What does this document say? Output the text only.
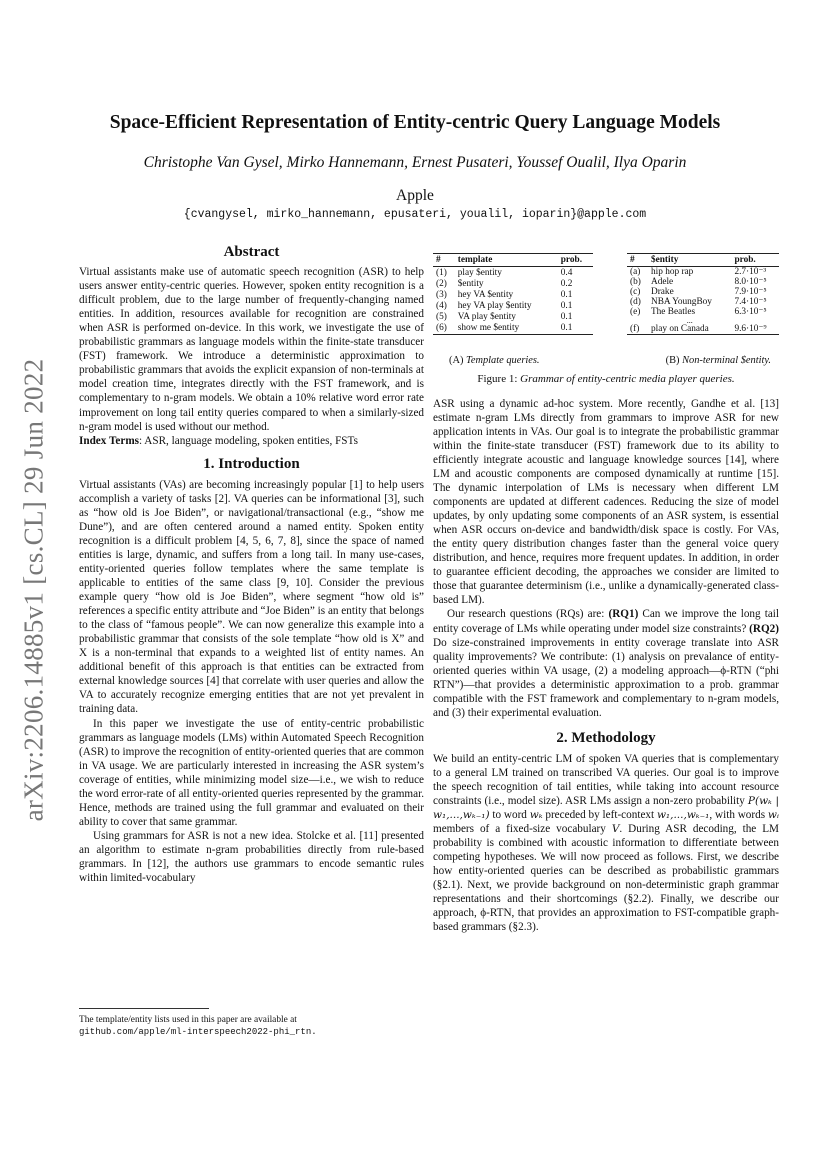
arXiv:2206.14885v1 [cs.CL] 29 Jun 2022
Space-Efficient Representation of Entity-centric Query Language Models
Christophe Van Gysel, Mirko Hannemann, Ernest Pusateri, Youssef Oualil, Ilya Oparin
Apple
{cvangysel, mirko_hannemann, epusateri, youalil, ioparin}@apple.com
Abstract

Virtual assistants make use of automatic speech recognition (ASR) to help users answer entity-centric queries. However, spoken entity recognition is a difficult problem, due to the large number of frequently-changing named entities. In addition, resources available for recognition are constrained when ASR is performed on-device. In this work, we investigate the use of probabilistic grammars as language models within the finite-state transducer (FST) framework. We introduce a deterministic approximation to probabilistic grammars that avoids the explicit expansion of non-terminals at model creation time, integrates directly with the FST framework, and is complementary to n-gram models. We obtain a 10% relative word error rate improvement on long tail entity queries compared to when a similarly-sized n-gram model is used without our method.

Index Terms: ASR, language modeling, spoken entities, FSTs

1. Introduction

Virtual assistants (VAs) are becoming increasingly popular [1] to help users accomplish a variety of tasks [2]. VA queries can be informational [3], such as “how old is Joe Biden”, or navigational/transactional (e.g., “show me Dune”), and are often centered around a named entity. Spoken entity recognition is a difficult problem [4, 5, 6, 7, 8], since the space of named entities is large, dynamic, and suffers from a long tail. In many use-cases, entity-oriented queries follow templates where the same template is applicable to entities of the same class [9, 10]. Consider the previous example query “how old is Joe Biden”, where segment “how old is” references a specific entity attribute and “Joe Biden” is an entity that belongs to the class of “famous people”. We can now generalize this example into a probabilistic grammar that consists of the sole template “how old is X” and X is a non-terminal that expands to a weighted list of entity names. An additional benefit of this approach is that entities can be extracted from external knowledge sources [4] that correlate with user queries and allow the VA to accurately recognize emerging entities that are not yet prevalent in training data.

In this paper we investigate the use of entity-centric probabilistic grammars as language models (LMs) within Automated Speech Recognition (ASR) to improve the recognition of entity-oriented queries that are common in VA usage. We are particularly interested in increasing the ASR system’s coverage of entities, while minimizing model size—i.e., we wish to reduce the word error-rate of all entity-oriented queries represented by the grammar. Hence, methods are trained using the full grammar and evaluated on their ability to cover that same grammar.

Using grammars for ASR is not a new idea. Stolcke et al. [11] presented an algorithm to estimate n-gram probabilities directly from rule-based grammars. In [12], the authors use grammars to encode semantic rules within limited-vocabulary

The template/entity lists used in this paper are available at
github.com/apple/ml-interspeech2022-phi_rtn.
#	template	prob.
(1)	play $entity	0.4
(2)	$entity	0.2
(3)	hey VA $entity	0.1
(4)	hey VA play $entity	0.1
(5)	VA play $entity	0.1
(6)	show me $entity	0.1
#	$entity	prob.
(a)	hip hop rap	2.7·10⁻³
(b)	Adele	8.0·10⁻⁵
(c)	Drake	7.9·10⁻⁵
(d)	NBA YoungBoy	7.4·10⁻⁵
(e)	The Beatles	6.3·10⁻⁵
	...	
(f)	play on Canada	9.6·10⁻⁹
(A) Template queries.	(B) Non-terminal $entity.
Figure 1: Grammar of entity-centric media player queries.

ASR using a dynamic ad-hoc system. More recently, Gandhe et al. [13] estimate n-gram LMs directly from grammars to improve ASR for new application intents in VAs. Our goal is to integrate the probabilistic grammar within the finite-state transducer (FST) framework due to its ability to efficiently integrate acoustic and language knowledge sources [14], where LM and acoustic components are composed dynamically at runtime [15]. The dynamic interpolation of LMs is necessary when different LM components are updated at different cadences. Reducing the size of model updates, by only updating some components of an ASR system, is essential when ASR occurs on-device and bandwidth/disk space is costly. For VAs, the entity query distribution changes faster than the general voice query distribution, and hence, requires more frequent updates. In addition, in order to guarantee efficient decoding, the approaches we consider are limited to those that guarantee determinism (i.e., unlike a dynamically-generated class-based LM).

Our research questions (RQs) are: (RQ1) Can we improve the long tail entity coverage of LMs while operating under model size constraints? (RQ2) Do size-constrained improvements in entity coverage translate into ASR quality improvements? We contribute: (1) analysis on prevalance of entity-oriented queries within VA usage, (2) a modeling approach—ϕ-RTN (“phi RTN”)—that provides a deterministic approximation to a prob. grammar compatible with the FST framework and complementary to n-gram models, and (3) their experimental evaluation.

2. Methodology

We build an entity-centric LM of spoken VA queries that is complementary to a general LM trained on transcribed VA queries. Our goal is to improve the speech recognition of tail entities, while taking into account resource constraints (i.e., model size). ASR LMs assign a non-zero probability P(wₖ | w₁,...,wₖ₋₁) to word wₖ preceded by left-context w₁,...,wₖ₋₁, with words wᵢ members of a fixed-size vocabulary V. During ASR decoding, the LM probability is combined with acoustic information to differentiate between competing hypotheses. We will now proceed as follows. First, we describe how entity-oriented queries can be described as probabilistic grammars (§2.1). Next, we provide background on non-deterministic graph grammar representations and their shortcomings (§2.2). Finally, we describe our approach, ϕ-RTN, that provides an approximation to FST-compatible graph-based grammars (§2.3).
